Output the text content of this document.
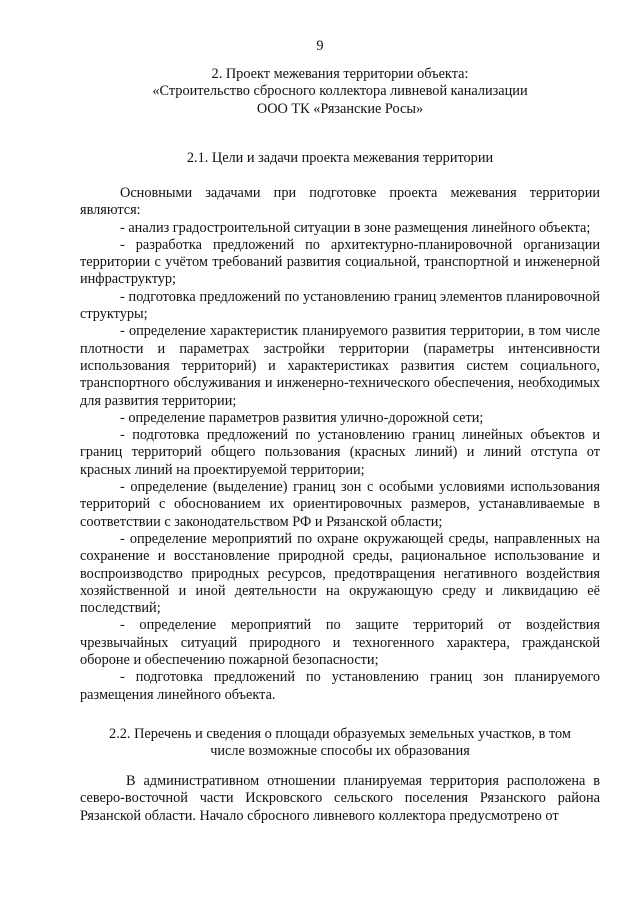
9
2. Проект межевания территории объекта:
«Строительство сбросного коллектора ливневой канализации
ООО ТК «Рязанские Росы»
2.1. Цели и задачи проекта межевания территории

Основными задачами при подготовке проекта межевания территории являются:

- анализ градостроительной ситуации в зоне размещения линейного объекта;

- разработка предложений по архитектурно-планировочной организации территории с учётом требований развития социальной, транспортной и инженерной инфраструктур;

- подготовка предложений по установлению границ элементов планировочной структуры;

- определение характеристик планируемого развития территории, в том числе плотности и параметрах застройки территории (параметры интенсивности использования территорий) и характеристиках развития систем социального, транспортного обслуживания и инженерно-технического обеспечения, необходимых для развития территории;

- определение параметров развития улично-дорожной сети;

- подготовка предложений по установлению границ линейных объектов и границ территорий общего пользования (красных линий) и линий отступа от красных линий на проектируемой территории;

- определение (выделение) границ зон с особыми условиями использования территорий с обоснованием их ориентировочных размеров, устанавливаемые в соответствии с законодательством РФ и Рязанской области;

- определение мероприятий по охране окружающей среды, направленных на сохранение и восстановление природной среды, рациональное использование и воспроизводство природных ресурсов, предотвращения негативного воздействия хозяйственной и иной деятельности на окружающую среду и ликвидацию её последствий;

- определение мероприятий по защите территорий от воздействия чрезвычайных ситуаций природного и техногенного характера, гражданской обороне и обеспечению пожарной безопасности;

- подготовка предложений по установлению границ зон планируемого размещения линейного объекта.

2.2. Перечень и сведения о площади образуемых земельных участков, в том
числе возможные способы их образования

В административном отношении планируемая территория расположена в северо-восточной части Искровского сельского поселения Рязанского района Рязанской области. Начало сбросного ливневого коллектора предусмотрено от
